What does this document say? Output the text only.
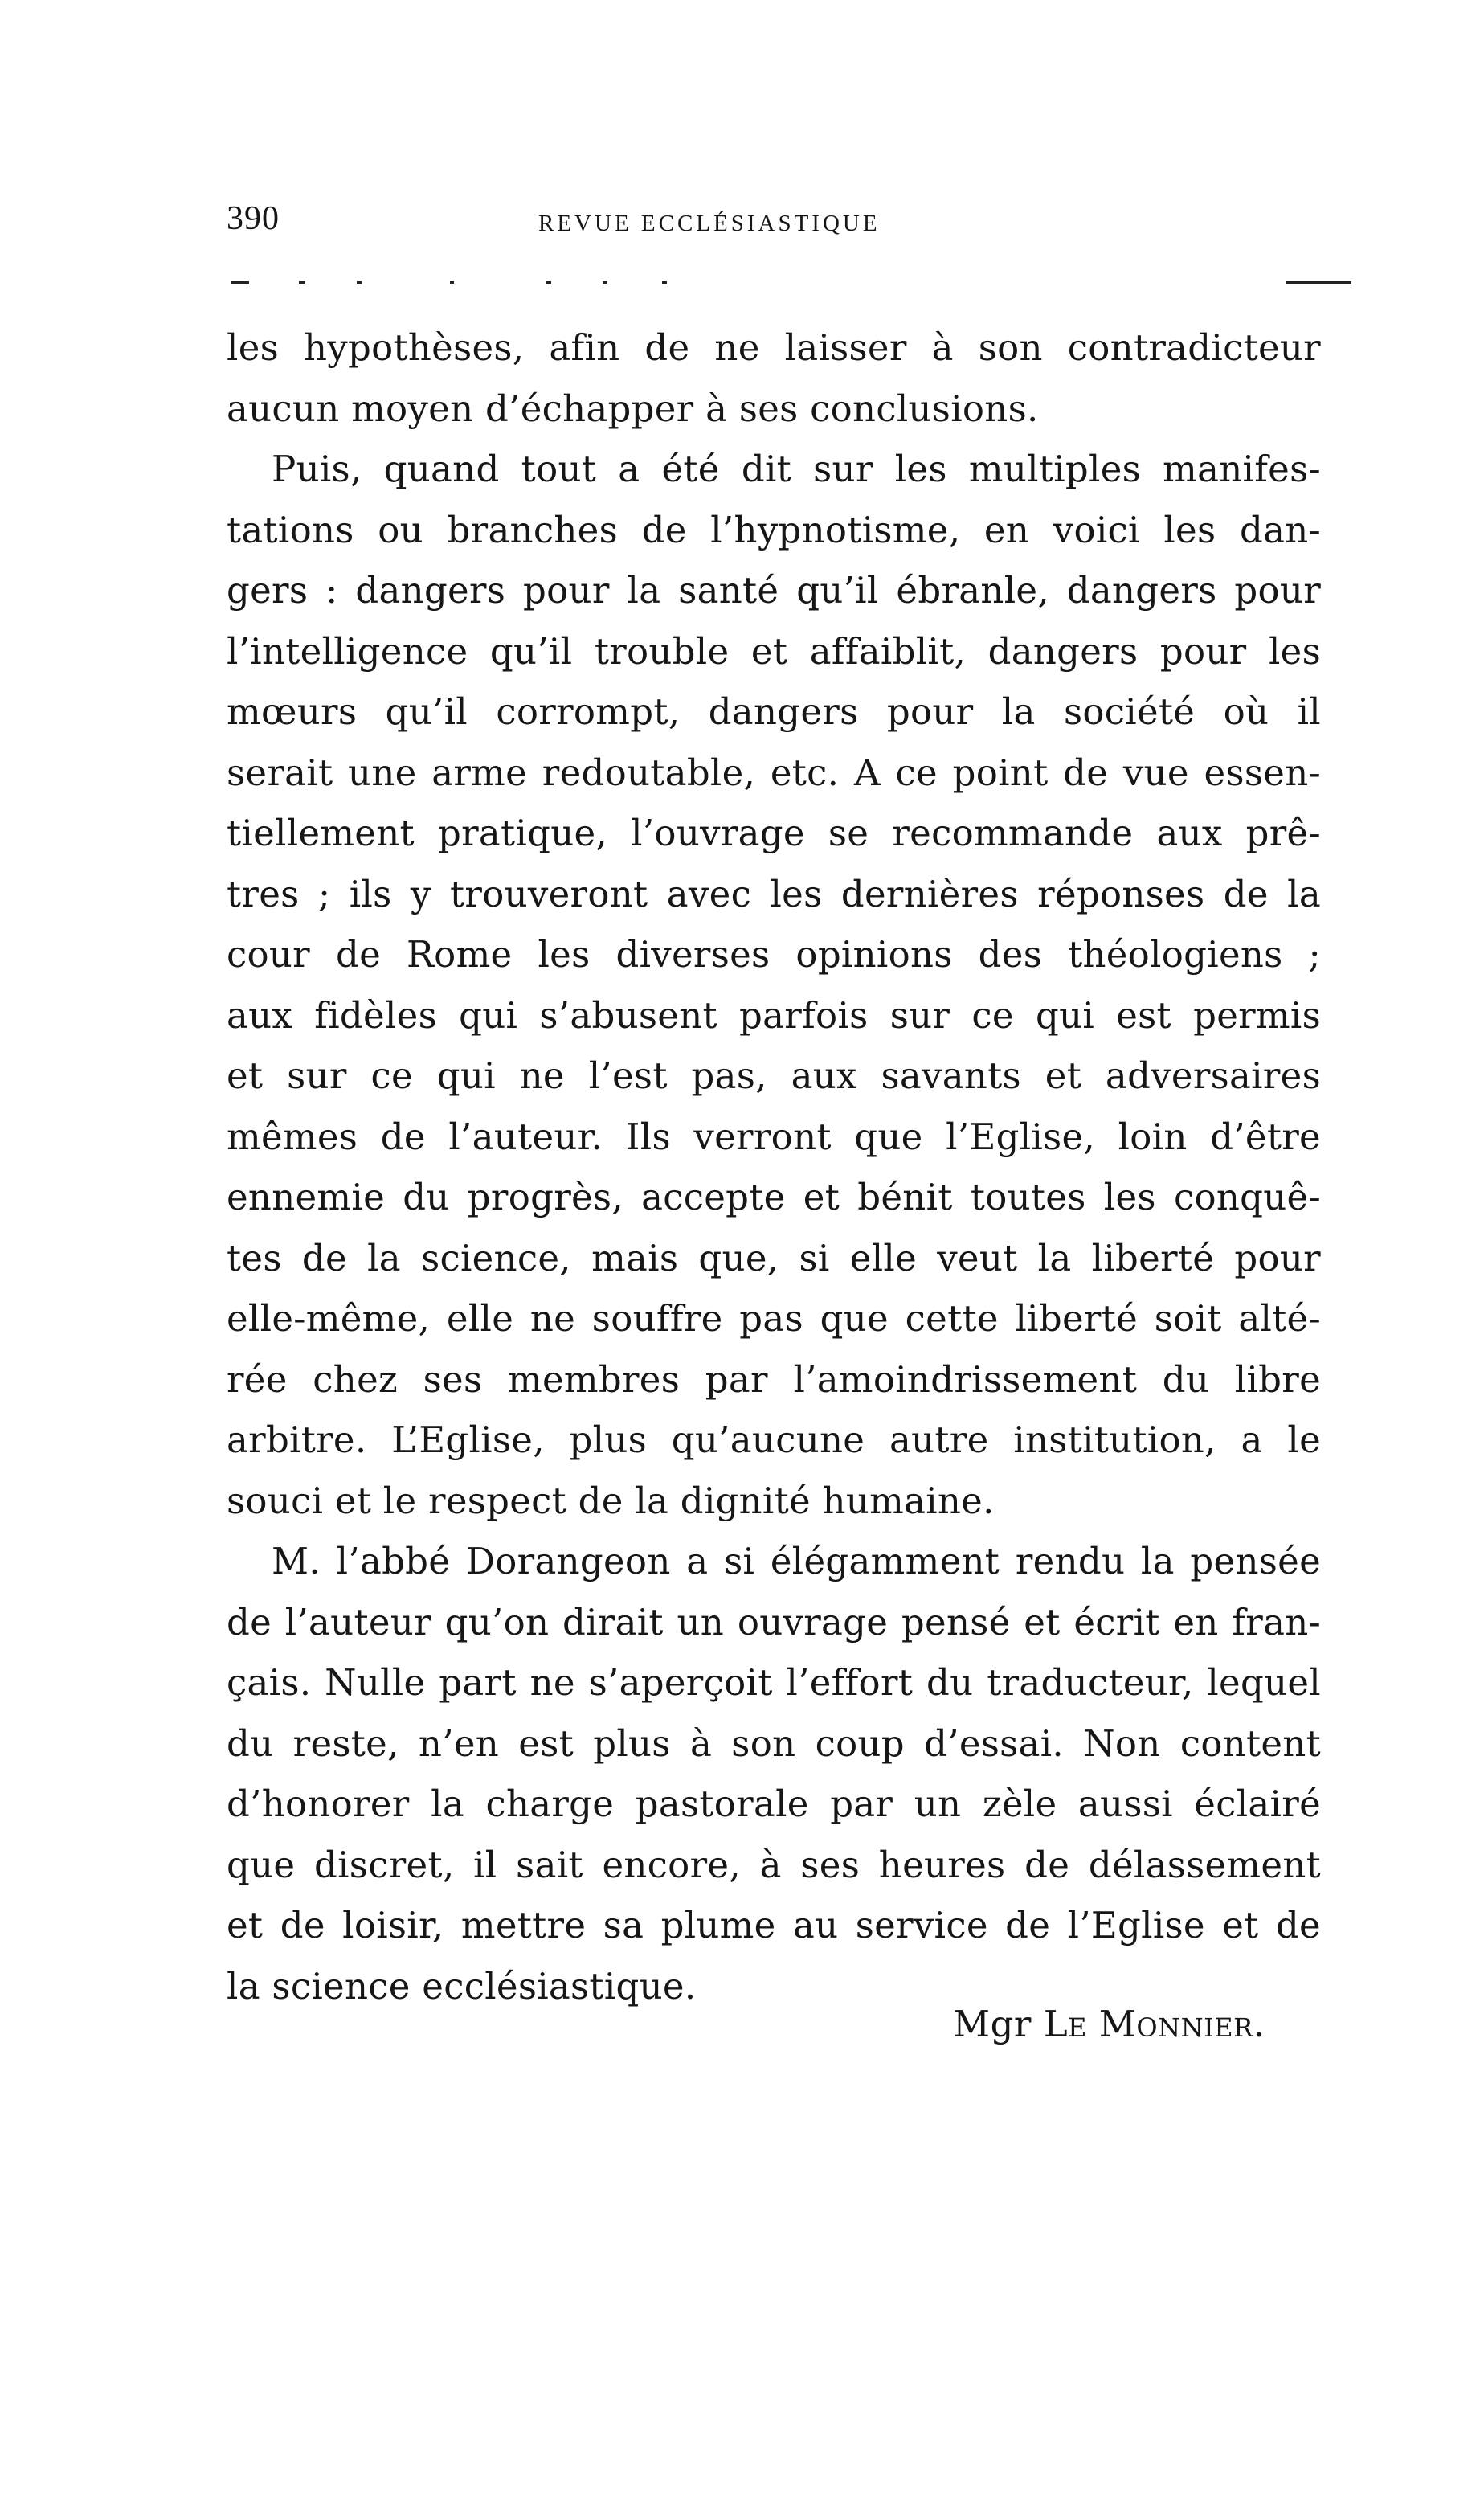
390	REVUE ECCLÉSIASTIQUE
les hypothèses, afin de ne laisser à son contradicteur
aucun moyen d’échapper à ses conclusions.
Puis, quand tout a été dit sur les multiples manifes-
tations ou branches de l’hypnotisme, en voici les dan-
gers : dangers pour la santé qu’il ébranle, dangers pour
l’intelligence qu’il trouble et affaiblit, dangers pour les
mœurs qu’il corrompt, dangers pour la société où il
serait une arme redoutable, etc. A ce point de vue essen-
tiellement pratique, l’ouvrage se recommande aux prê-
tres ; ils y trouveront avec les dernières réponses de la
cour de Rome les diverses opinions des théologiens ;
aux fidèles qui s’abusent parfois sur ce qui est permis
et sur ce qui ne l’est pas, aux savants et adversaires
mêmes de l’auteur. Ils verront que l’Eglise, loin d’être
ennemie du progrès, accepte et bénit toutes les conquê-
tes de la science, mais que, si elle veut la liberté pour
elle-même, elle ne souffre pas que cette liberté soit alté-
rée chez ses membres par l’amoindrissement du libre
arbitre. L’Eglise, plus qu’aucune autre institution, a le
souci et le respect de la dignité humaine.
M. l’abbé Dorangeon a si élégamment rendu la pensée
de l’auteur qu’on dirait un ouvrage pensé et écrit en fran-
çais. Nulle part ne s’aperçoit l’effort du traducteur, lequel
du reste, n’en est plus à son coup d’essai. Non content
d’honorer la charge pastorale par un zèle aussi éclairé
que discret, il sait encore, à ses heures de délassement
et de loisir, mettre sa plume au service de l’Eglise et de
la science ecclésiastique.
Mgr Le Monnier.
